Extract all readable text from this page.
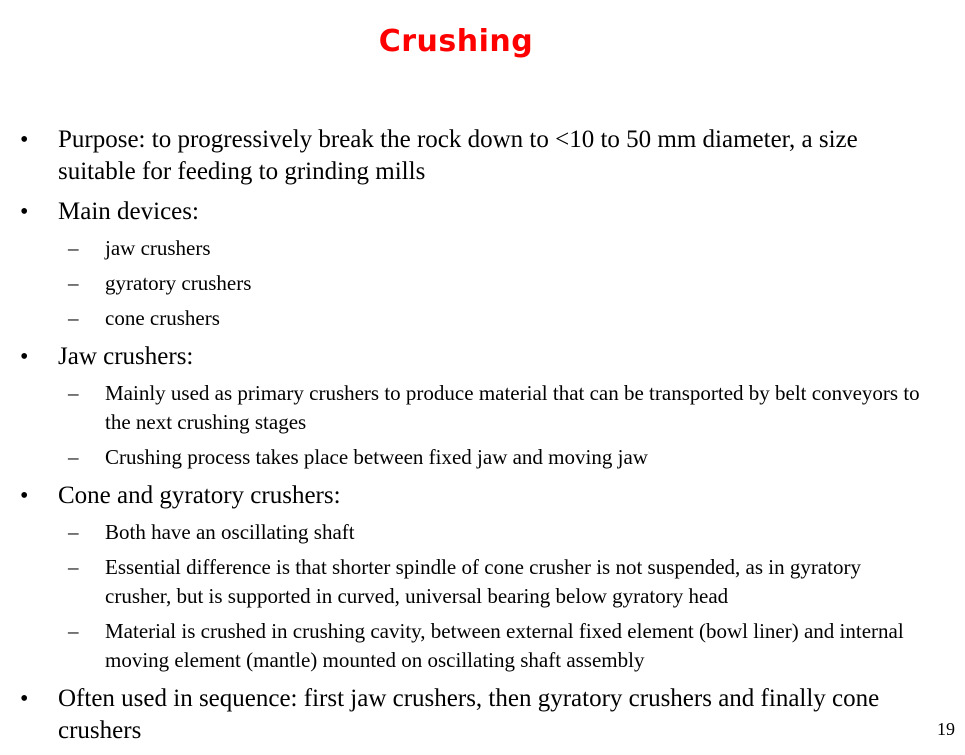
Crushing
• Purpose: to progressively break the rock down to <10 to 50 mm diameter, a size suitable for feeding to grinding mills
• Main devices:
– jaw crushers
– gyratory crushers
– cone crushers
• Jaw crushers:
– Mainly used as primary crushers to produce material that can be transported by belt conveyors to the next crushing stages
– Crushing process takes place between fixed jaw and moving jaw
• Cone and gyratory crushers:
– Both have an oscillating shaft
– Essential difference is that shorter spindle of cone crusher is not suspended, as in gyratory crusher, but is supported in curved, universal bearing below gyratory head
– Material is crushed in crushing cavity, between external fixed element (bowl liner) and internal moving element (mantle) mounted on oscillating shaft assembly
• Often used in sequence: first jaw crushers, then gyratory crushers and finally cone crushers	19
